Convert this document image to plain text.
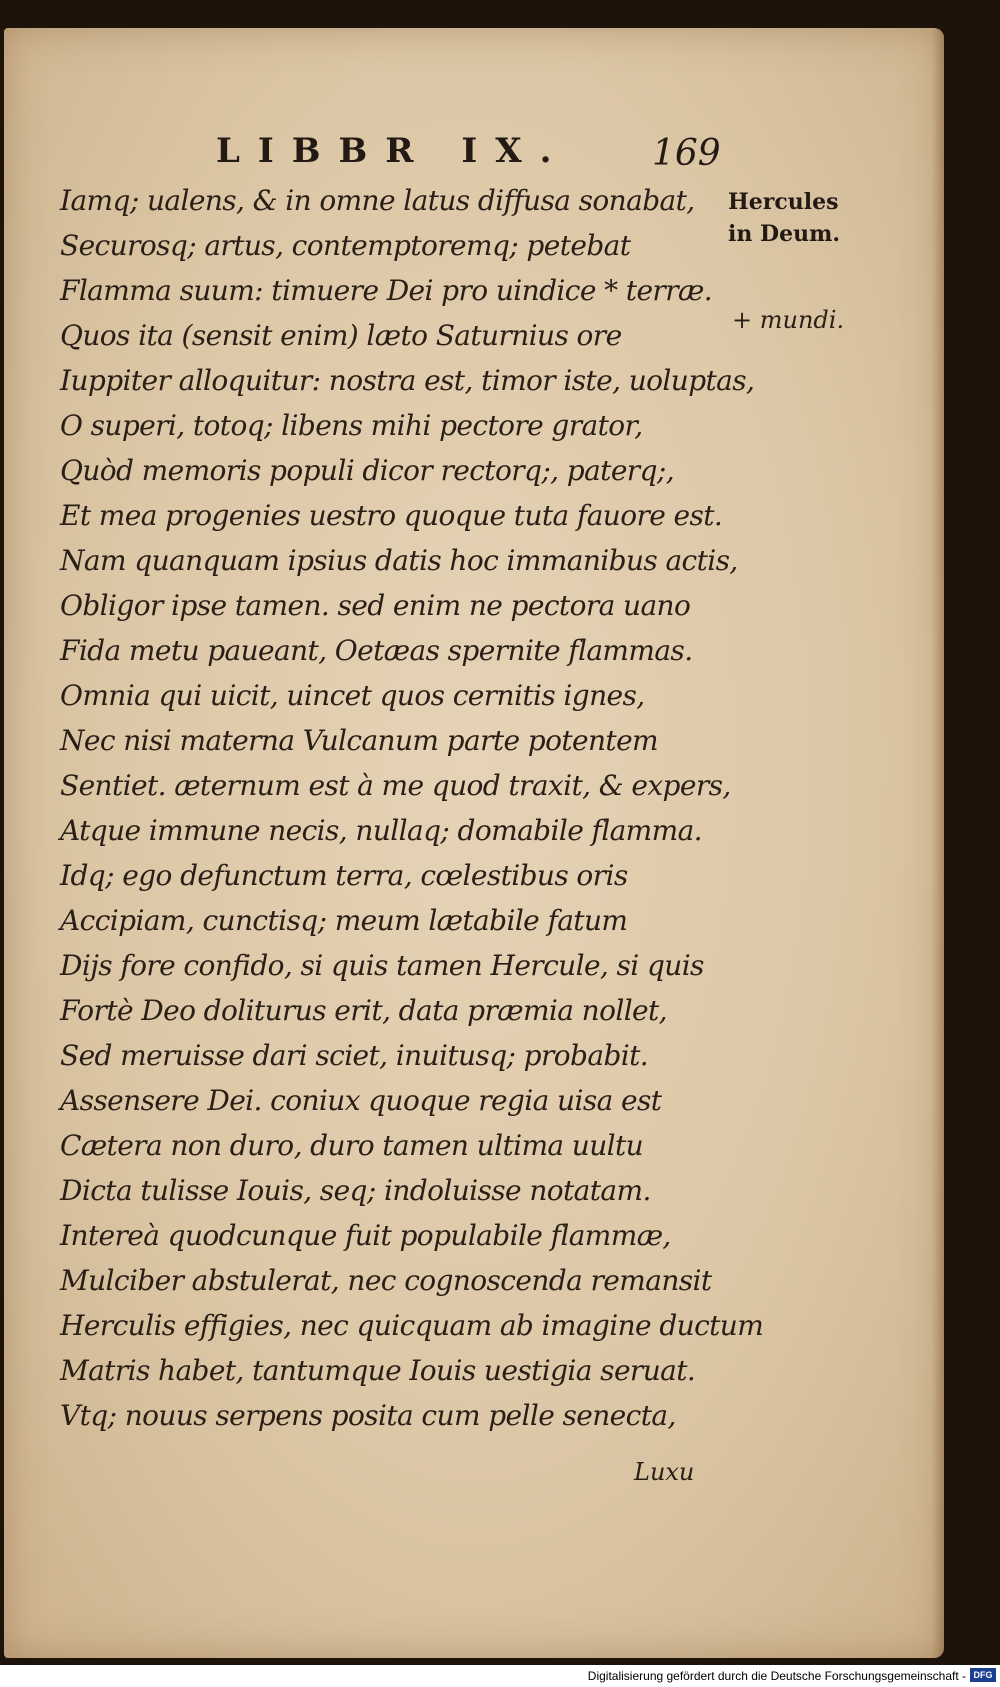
LIBBR IX. 169
Iamq; ualens, & in omne latus diffusa sonabat,
Securosq; artus, contemptoremq; petebat
Flamma suum: timuere Dei pro uindice * terræ.
Quos ita (sensit enim) læto Saturnius ore
Iuppiter alloquitur: nostra est, timor iste, uoluptas,
O superi, totoq; libens mihi pectore grator,
Quòd memoris populi dicor rectorq;, paterq;,
Et mea progenies uestro quoque tuta fauore est.
Nam quanquam ipsius datis hoc immanibus actis,
Obligor ipse tamen. sed enim ne pectora uano
Fida metu paueant, Oetæas spernite flammas.
Omnia qui uicit, uincet quos cernitis ignes,
Nec nisi materna Vulcanum parte potentem
Sentiet. æternum est à me quod traxit, & expers,
Atque immune necis, nullaq; domabile flamma.
Idq; ego defunctum terra, cœlestibus oris
Accipiam, cunctisq; meum lætabile fatum
Dijs fore confido, si quis tamen Hercule, si quis
Fortè Deo doliturus erit, data præmia nollet,
Sed meruisse dari sciet, inuitusq; probabit.
Assensere Dei. coniux quoque regia uisa est
Cætera non duro, duro tamen ultima uultu
Dicta tulisse Iouis, seq; indoluisse notatam.
Intereà quodcunque fuit populabile flammæ,
Mulciber abstulerat, nec cognoscenda remansit
Herculis effigies, nec quicquam ab imagine ductum
Matris habet, tantumque Iouis uestigia seruat.
Vtq; nouus serpens posita cum pelle senecta,
Hercules
in Deum.
+ mundi.
Luxu
Digitalisierung gefördert durch die Deutsche Forschungsgemeinschaft - DFG
